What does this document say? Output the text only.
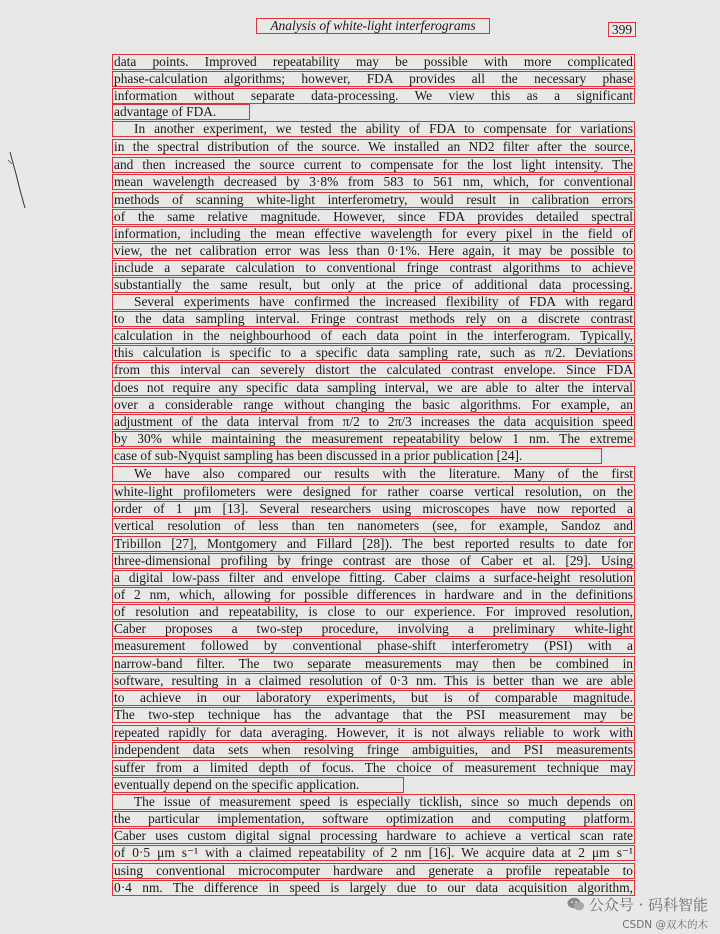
Analysis of white-light interferograms	399
data points. Improved repeatability may be possible with more complicated
phase-calculation algorithms; however, FDA provides all the necessary phase
information without separate data-processing. We view this as a significant
advantage of FDA.
In another experiment, we tested the ability of FDA to compensate for variations
in the spectral distribution of the source. We installed an ND2 filter after the source,
and then increased the source current to compensate for the lost light intensity. The
mean wavelength decreased by 3·8% from 583 to 561 nm, which, for conventional
methods of scanning white-light interferometry, would result in calibration errors
of the same relative magnitude. However, since FDA provides detailed spectral
information, including the mean effective wavelength for every pixel in the field of
view, the net calibration error was less than 0·1%. Here again, it may be possible to
include a separate calculation to conventional fringe contrast algorithms to achieve
substantially the same result, but only at the price of additional data processing.
Several experiments have confirmed the increased flexibility of FDA with regard
to the data sampling interval. Fringe contrast methods rely on a discrete contrast
calculation in the neighbourhood of each data point in the interferogram. Typically,
this calculation is specific to a specific data sampling rate, such as π/2. Deviations
from this interval can severely distort the calculated contrast envelope. Since FDA
does not require any specific data sampling interval, we are able to alter the interval
over a considerable range without changing the basic algorithms. For example, an
adjustment of the data interval from π/2 to 2π/3 increases the data acquisition speed
by 30% while maintaining the measurement repeatability below 1 nm. The extreme
case of sub-Nyquist sampling has been discussed in a prior publication [24].
We have also compared our results with the literature. Many of the first
white-light profilometers were designed for rather coarse vertical resolution, on the
order of 1 μm [13]. Several researchers using microscopes have now reported a
vertical resolution of less than ten nanometers (see, for example, Sandoz and
Tribillon [27], Montgomery and Fillard [28]). The best reported results to date for
three-dimensional profiling by fringe contrast are those of Caber et al. [29]. Using
a digital low-pass filter and envelope fitting. Caber claims a surface-height resolution
of 2 nm, which, allowing for possible differences in hardware and in the definitions
of resolution and repeatability, is close to our experience. For improved resolution,
Caber proposes a two-step procedure, involving a preliminary white-light
measurement followed by conventional phase-shift interferometry (PSI) with a
narrow-band filter. The two separate measurements may then be combined in
software, resulting in a claimed resolution of 0·3 nm. This is better than we are able
to achieve in our laboratory experiments, but is of comparable magnitude.
The two-step technique has the advantage that the PSI measurement may be
repeated rapidly for data averaging. However, it is not always reliable to work with
independent data sets when resolving fringe ambiguities, and PSI measurements
suffer from a limited depth of focus. The choice of measurement technique may
eventually depend on the specific application.
The issue of measurement speed is especially ticklish, since so much depends on
the particular implementation, software optimization and computing platform.
Caber uses custom digital signal processing hardware to achieve a vertical scan rate
of 0·5 μm s⁻¹ with a claimed repeatability of 2 nm [16]. We acquire data at 2 μm s⁻¹
using conventional microcomputer hardware and generate a profile repeatable to
0·4 nm. The difference in speed is largely due to our data acquisition algorithm,
公众号 · 码科智能
CSDN @双木的木
